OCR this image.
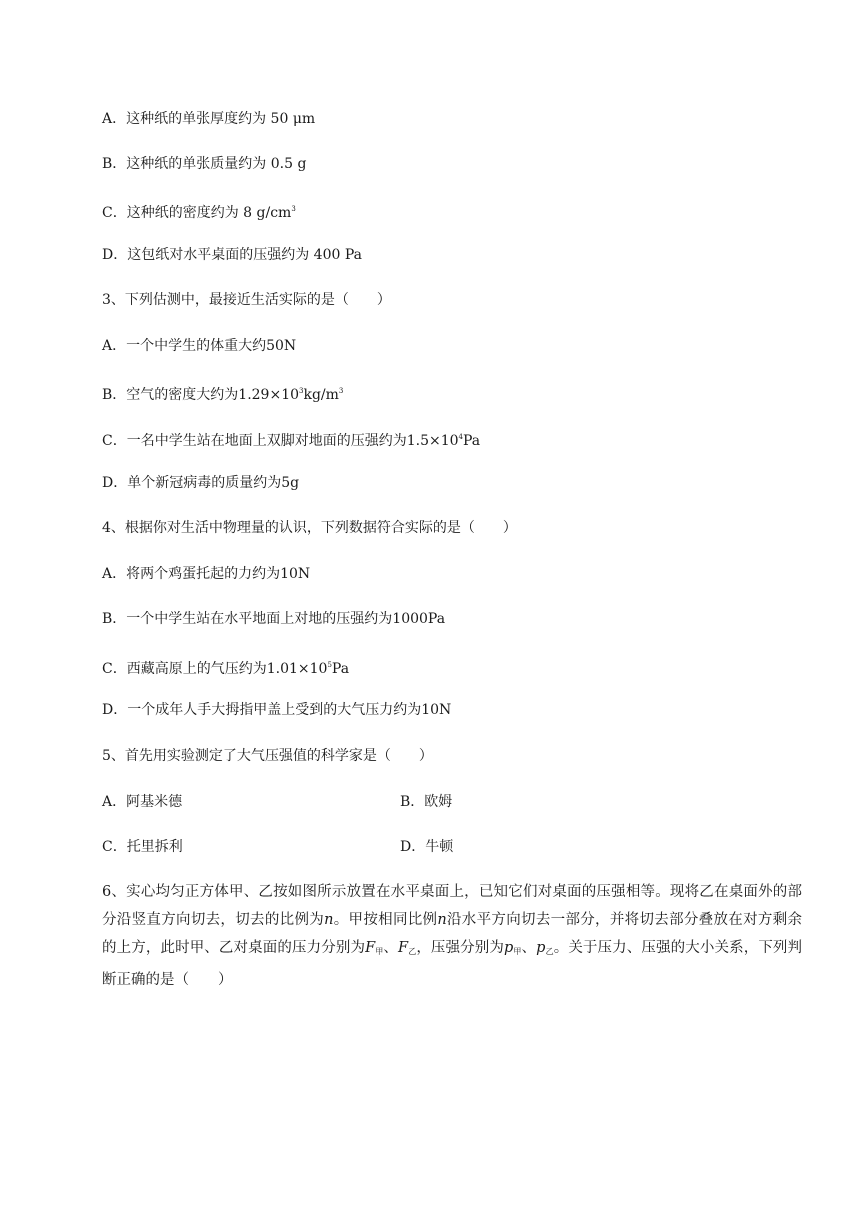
A．这种纸的单张厚度约为 50 μm
B．这种纸的单张质量约为 0.5 g
C．这种纸的密度约为 8 $g/cm^3$
D．这包纸对水平桌面的压强约为 400 Pa
3、下列估测中，最接近生活实际的是（　　）
A．一个中学生的体重大约50N
B．空气的密度大约为$1.29\times 10^3kg/m^3$
C．一名中学生站在地面上双脚对地面的压强约为$1.5\times 10^4Pa$
D．单个新冠病毒的质量约为5g
4、根据你对生活中物理量的认识，下列数据符合实际的是（　　）
A．将两个鸡蛋托起的力约为10N
B．一个中学生站在水平地面上对地的压强约为1000Pa
C．西藏高原上的气压约为$1.01\times 10^5Pa$
D．一个成年人手大拇指甲盖上受到的大气压力约为10N
5、首先用实验测定了大气压强值的科学家是（　　）
A．阿基米德	B．欧姆
C．托里拆利	D．牛顿
6、实心均匀正方体甲、乙按如图所示放置在水平桌面上，已知它们对桌面的压强相等。现将乙在桌面外的部分沿竖直方向切去，切去的比例为n。甲按相同比例n沿水平方向切去一部分，并将切去部分叠放在对方剩余的上方，此时甲、乙对桌面的压力分别为$F_甲$、$F_乙$，压强分别为$p_甲$、$p_乙$。关于压力、压强的大小关系，下列判断正确的是（　　）
